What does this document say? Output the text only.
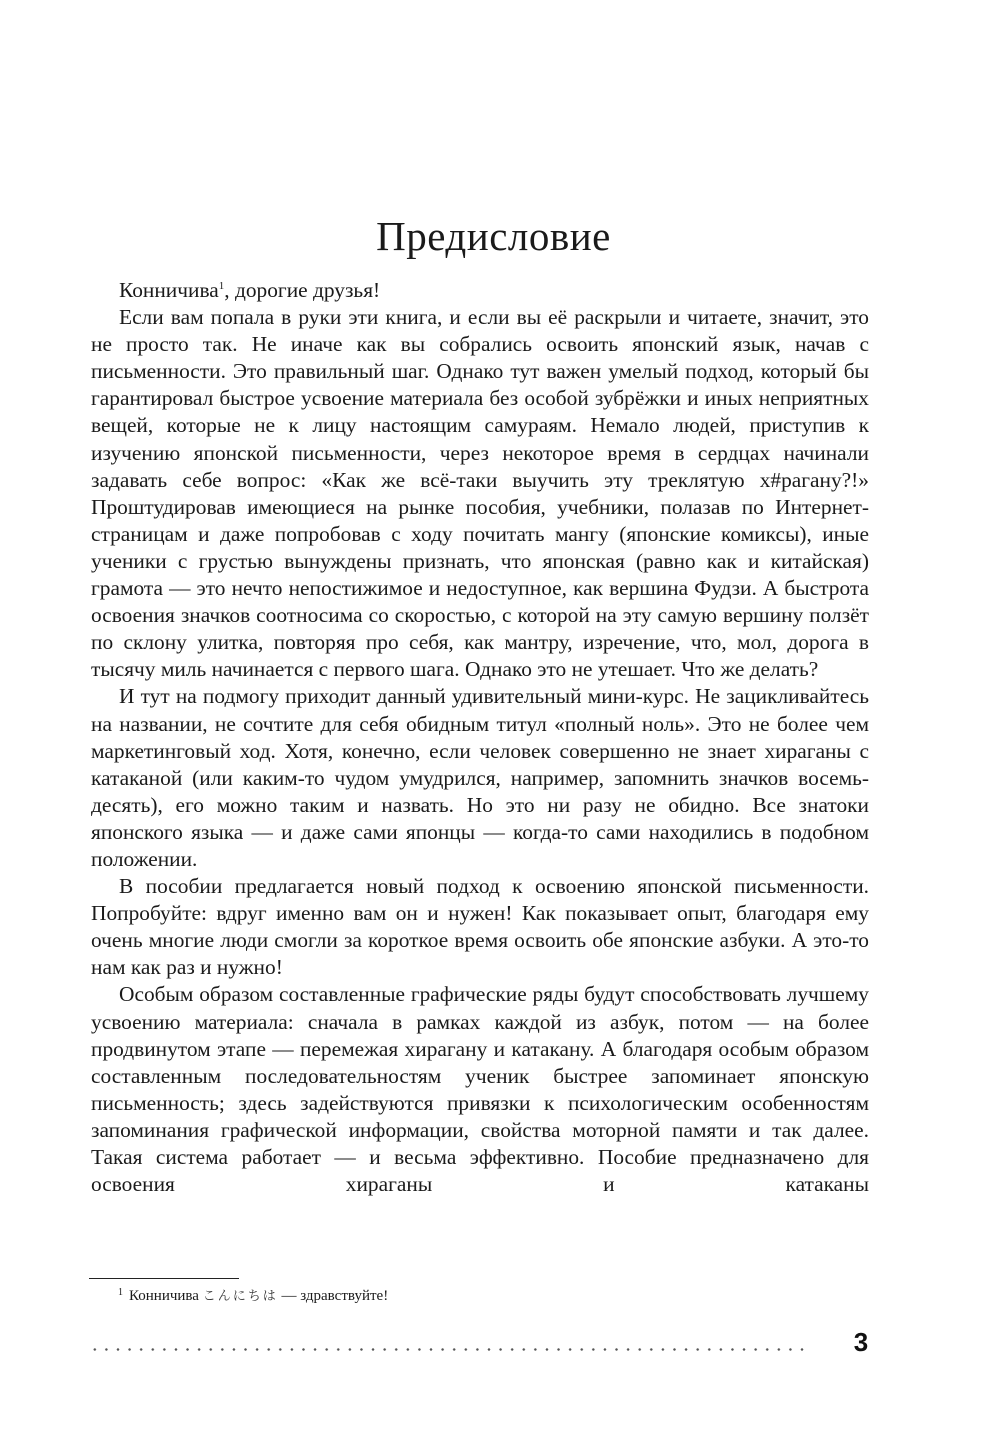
Предисловие

Конничива$^1$, дорогие друзья!

Если вам попала в руки эти книга, и если вы её раскрыли и читаете, значит, это не просто так. Не иначе как вы собрались освоить японский язык, начав с письменности. Это правильный шаг. Однако тут важен умелый подход, который бы гарантировал быстрое усвоение материала без особой зубрёжки и иных неприятных вещей, которые не к лицу настоящим самураям. Немало людей, приступив к изучению японской письменности, через некоторое время в сердцах начинали задавать себе вопрос: «Как же всё-таки выучить эту треклятую х#рагану?!» Проштудировав имеющиеся на рынке пособия, учебники, полазав по Интернет-страницам и даже попробовав с ходу почитать мангу (японские комиксы), иные ученики с грустью вынуждены признать, что японская (равно как и китайская) грамота — это нечто непостижимое и недоступное, как вершина Фудзи. А быстрота освоения значков соотносима со скоростью, с которой на эту самую вершину ползёт по склону улитка, повторяя про себя, как мантру, изречение, что, мол, дорога в тысячу миль начинается с первого шага. Однако это не утешает. Что же делать?

И тут на подмогу приходит данный удивительный мини-курс. Не зацикливайтесь на названии, не сочтите для себя обидным титул «полный ноль». Это не более чем маркетинговый ход. Хотя, конечно, если человек совершенно не знает хираганы с катаканой (или каким-то чудом умудрился, например, запомнить значков восемь-десять), его можно таким и назвать. Но это ни разу не обидно. Все знатоки японского языка — и даже сами японцы — когда-то сами находились в подобном положении.

В пособии предлагается новый подход к освоению японской письменности. Попробуйте: вдруг именно вам он и нужен! Как показывает опыт, благодаря ему очень многие люди смогли за короткое время освоить обе японские азбуки. А это-то нам как раз и нужно!

Особым образом составленные графические ряды будут способствовать лучшему усвоению материала: сначала в рамках каждой из азбук, потом — на более продвинутом этапе — перемежая хирагану и катакану. А благодаря особым образом составленным последовательностям ученик быстрее запоминает японскую письменность; здесь задействуются привязки к психологическим особенностям запоминания графической информации, свойства моторной памяти и так далее. Такая система работает — и весьма эффективно. Пособие предназначено для освоения хираганы и катаканы

$^1$ Конничива こんにちは — здравствуйте!
3
